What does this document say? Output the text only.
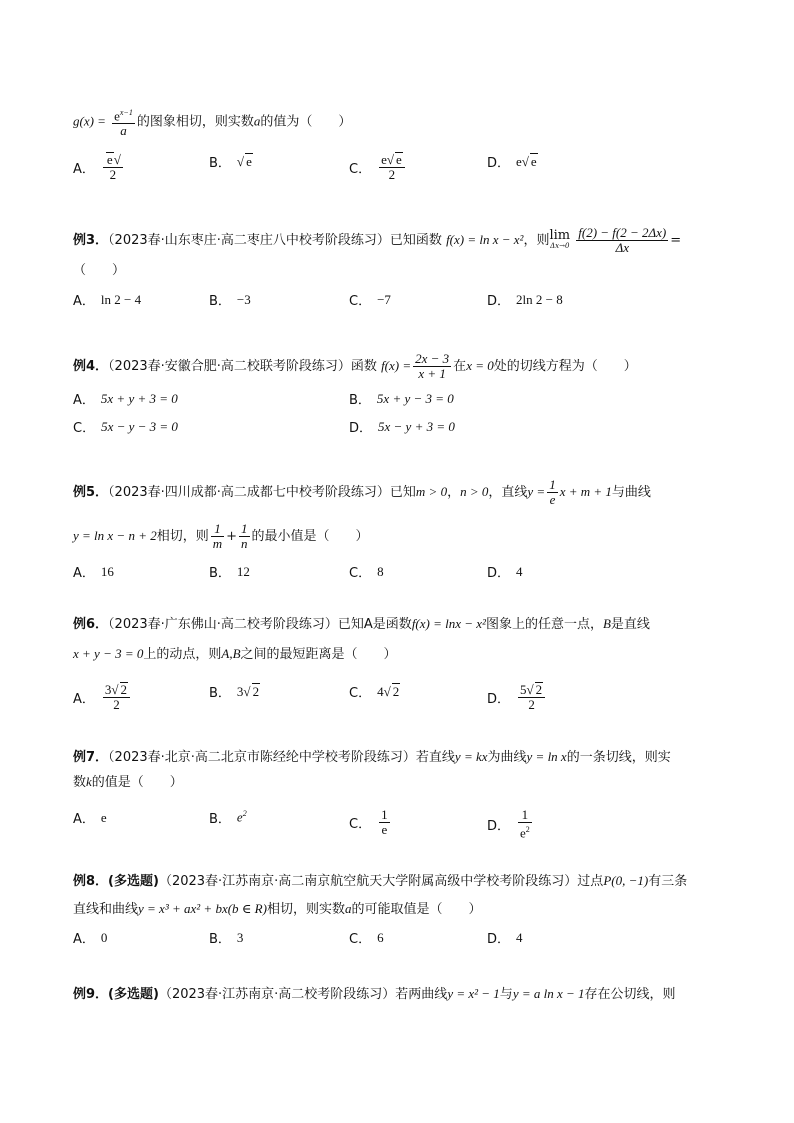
$g(x) = \frac{e^{x-1}}{a}$ 的图象相切，则实数a的值为（　　）
A． $\frac{e√}{2}$	B． √ e	C． $\frac{e√ e}{2}$	D． e√ e
例3．（2023春·山东枣庄·高二枣庄八中校考阶段练习）已知函数 f(x) = ln x − x²，则lim
Δx→0
$\frac{f(2) - f(2 - 2\Delta x)}{\Delta x}$ =
（　　）
A． ln 2 − 4	B． −3	C． −7	D． 2ln 2 − 8
例4．（2023春·安徽合肥·高二校联考阶段练习）函数 $f(x) = \frac{2x - 3}{x + 1}$ 在x = 0处的切线方程为（　　）
A． 5x + y + 3 = 0	B． 5x + y − 3 = 0
C． 5x − y − 3 = 0	D． 5x − y + 3 = 0
例5．（2023春·四川成都·高二成都七中校考阶段练习）已知m > 0，n > 0，直线$y = \frac{1}{e}$ x + m + 1与曲线
y = ln x − n + 2相切，则 $\frac{1}{m} + \frac{1}{n}$ 的最小值是（　　）
A． 16	B． 12	C． 8	D． 4
例6．（2023春·广东佛山·高二校考阶段练习）已知A是函数f(x) = lnx − x²图象上的任意一点，B是直线
x + y − 3 = 0上的动点，则A,B之间的最短距离是（　　）
A． $\frac{3√ 2}{2}$	B． 3√ 2	C． 4√ 2	D． $\frac{5√ 2}{2}$
例7．（2023春·北京·高二北京市陈经纶中学校考阶段练习）若直线y = kx为曲线y = ln x的一条切线，则实
数k的值是（　　）
A． e	B． $e^2$
C． $\frac{1}{e}$	D． $\frac{1}{e^2}$
例8．(多选题)（2023春·江苏南京·高二南京航空航天大学附属高级中学校考阶段练习）过点P(0, −1)有三条
直线和曲线y = x³ + ax² + bx(b ∈ R)相切，则实数a的可能取值是（　　）
A． 0	B． 3	C． 6	D． 4
例9．(多选题)（2023春·江苏南京·高二校考阶段练习）若两曲线y = x² − 1与y = a ln x − 1存在公切线，则
